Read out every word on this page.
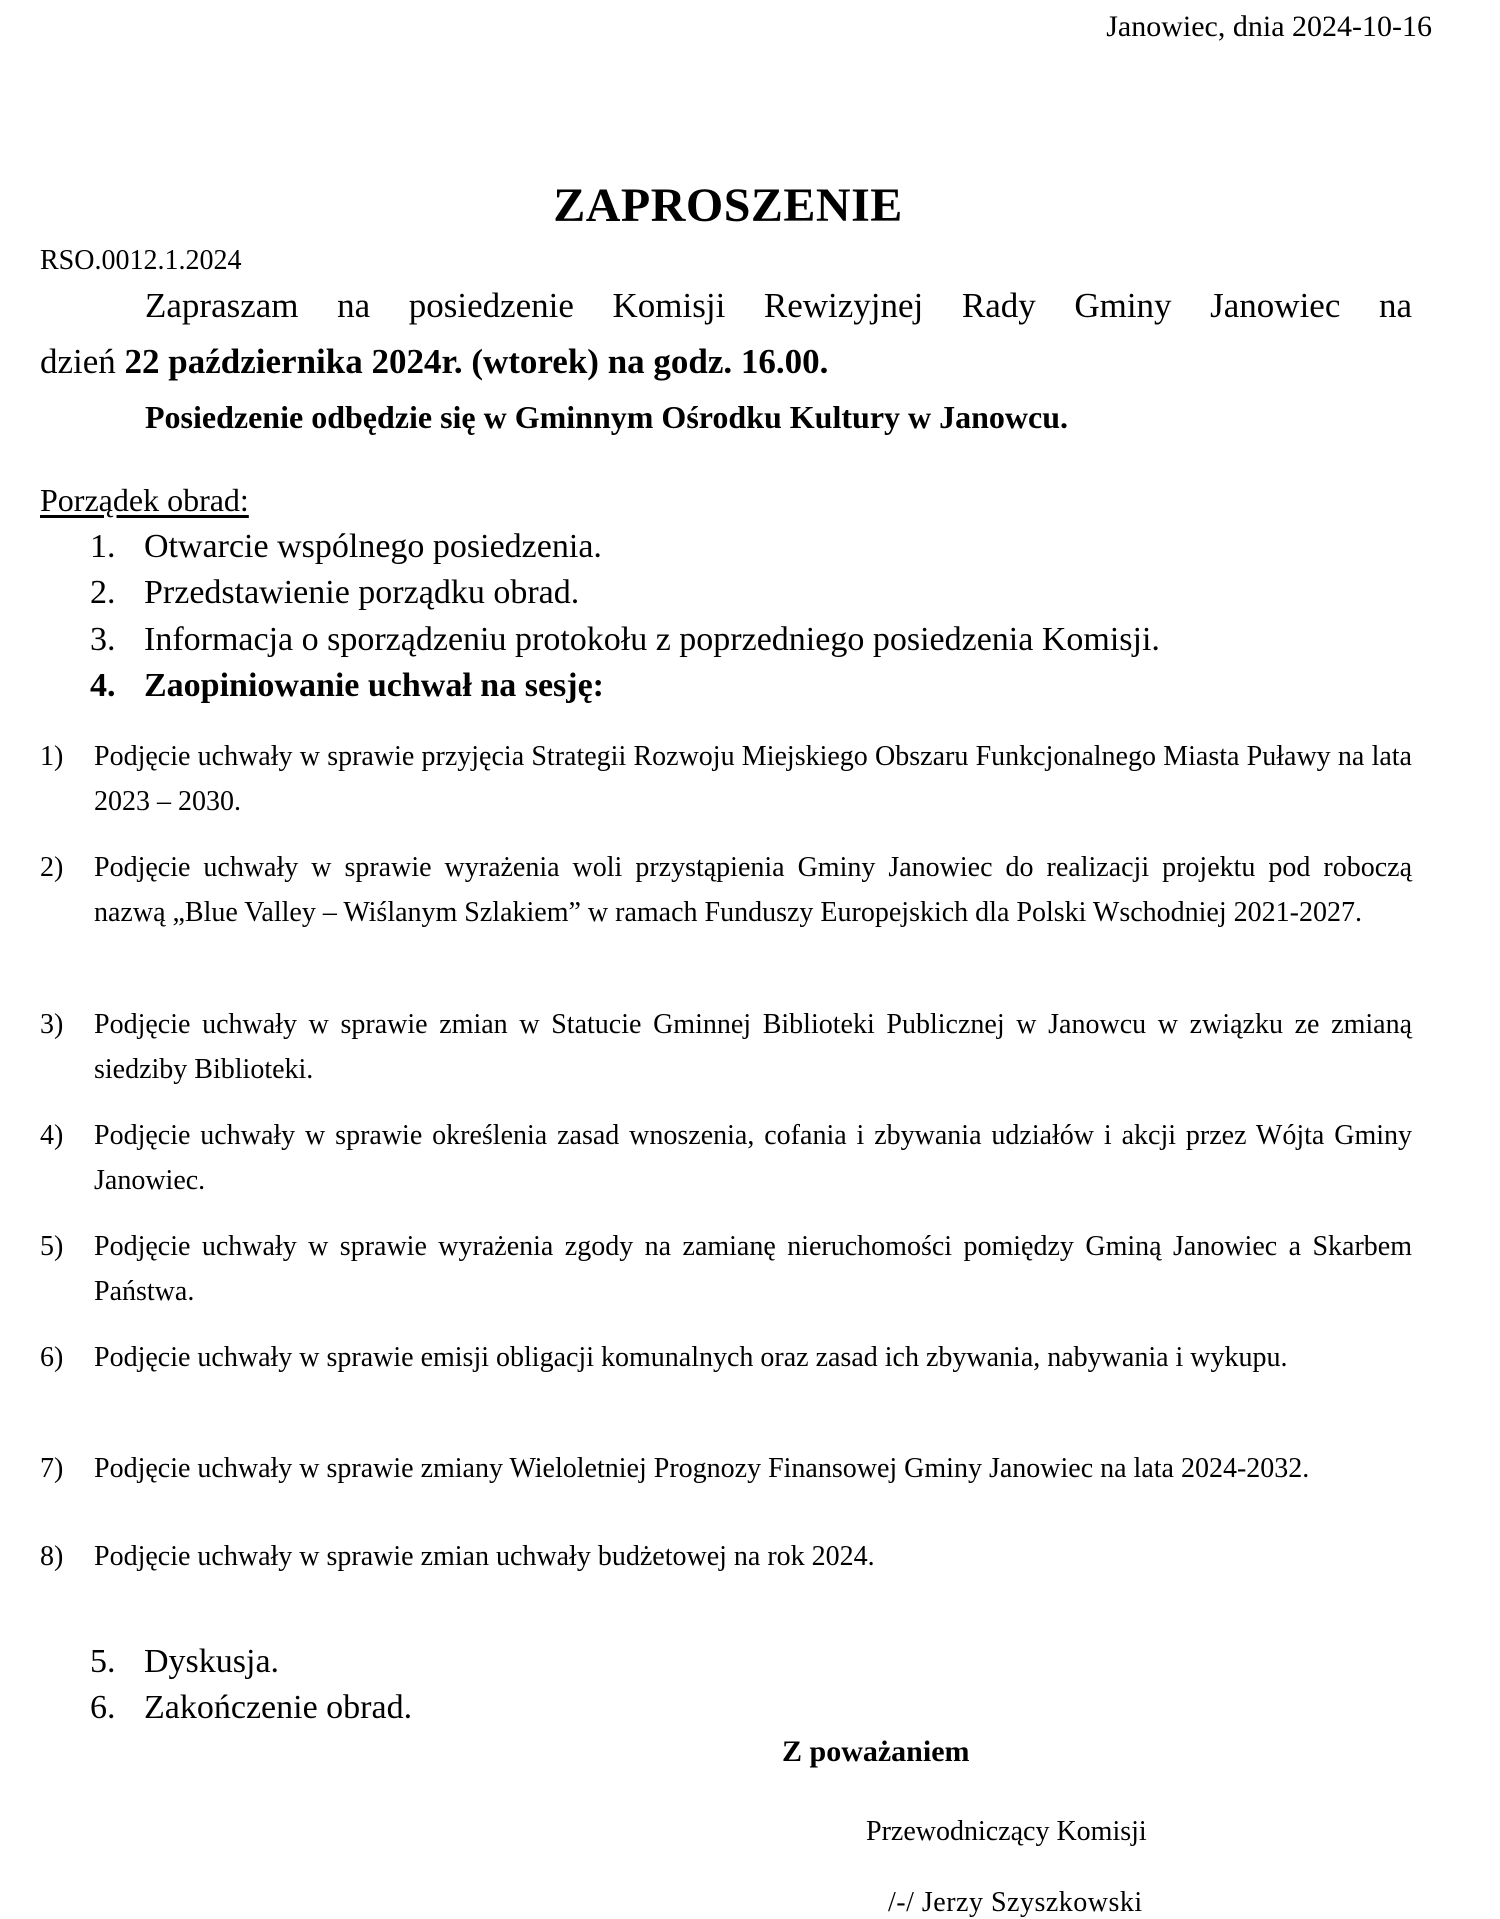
Janowiec, dnia 2024-10-16
ZAPROSZENIE
RSO.0012.1.2024
Zapraszam na posiedzenie Komisji Rewizyjnej Rady Gminy Janowiec na
dzień 22 października 2024r. (wtorek) na godz. 16.00.
Posiedzenie odbędzie się w Gminnym Ośrodku Kultury w Janowcu.
Porządek obrad:
1. Otwarcie wspólnego posiedzenia.
2. Przedstawienie porządku obrad.
3. Informacja o sporządzeniu protokołu z poprzedniego posiedzenia Komisji.
4. Zaopiniowanie uchwał na sesję:
1)	Podjęcie uchwały w sprawie przyjęcia Strategii Rozwoju Miejskiego Obszaru Funkcjonalnego Miasta Puławy na lata 2023 – 2030.
2)	Podjęcie uchwały w sprawie wyrażenia woli przystąpienia Gminy Janowiec do realizacji projektu pod roboczą nazwą „Blue Valley – Wiślanym Szlakiem” w ramach Funduszy Europejskich dla Polski Wschodniej 2021-2027.
3)	Podjęcie uchwały w sprawie zmian w Statucie Gminnej Biblioteki Publicznej w Janowcu w związku ze zmianą siedziby Biblioteki.
4)	Podjęcie uchwały w sprawie określenia zasad wnoszenia, cofania i zbywania udziałów i akcji przez Wójta Gminy Janowiec.
5)	Podjęcie uchwały w sprawie wyrażenia zgody na zamianę nieruchomości pomiędzy Gminą Janowiec a Skarbem Państwa.
6)	Podjęcie uchwały w sprawie emisji obligacji komunalnych oraz zasad ich zbywania, nabywania i wykupu.
7)	Podjęcie uchwały w sprawie zmiany Wieloletniej Prognozy Finansowej Gminy Janowiec na lata 2024-2032.
8)	Podjęcie uchwały w sprawie zmian uchwały budżetowej na rok 2024.
5. Dyskusja.
6. Zakończenie obrad.
Z poważaniem
Przewodniczący Komisji
/-/ Jerzy Szyszkowski
